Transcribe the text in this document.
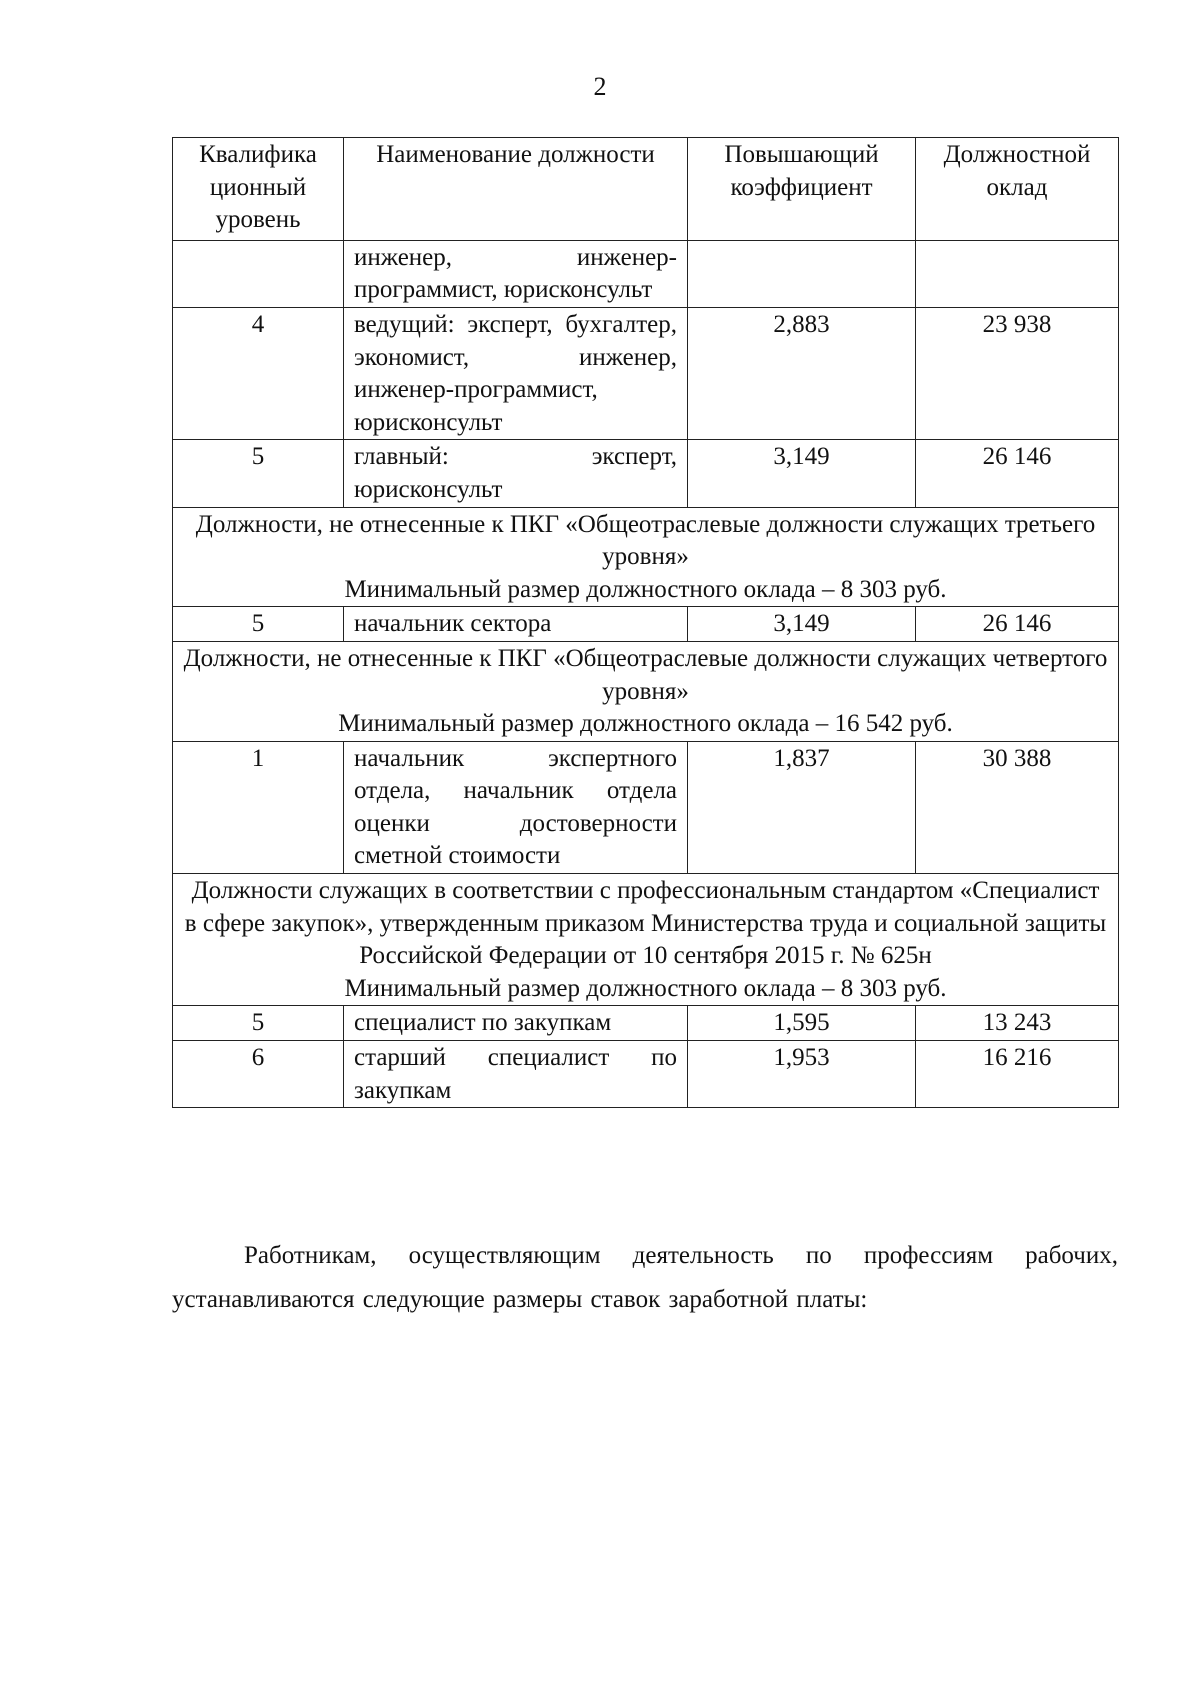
2
Квалифика ционный уровень	Наименование должности	Повышающий коэффициент	Должностной оклад
	инженер, инженер-программист, юрисконсульт		
4	ведущий: эксперт, бухгалтер, экономист, инженер, инженер-программист, юрисконсульт	2,883	23 938
5	главный: эксперт, юрисконсульт	3,149	26 146

Должности, не отнесенные к ПКГ «Общеотраслевые должности служащих третьего уровня»
Минимальный размер должностного оклада – 8 303 руб.			

5	начальник сектора	3,149	26 146

Должности, не отнесенные к ПКГ «Общеотраслевые должности служащих четвертого уровня»
Минимальный размер должностного оклада – 16 542 руб.			

1	начальник экспертного отдела, начальник отдела оценки достоверности сметной стоимости	1,837	30 388

Должности служащих в соответствии с профессиональным стандартом «Специалист в сфере закупок», утвержденным приказом Министерства труда и социальной защиты Российской Федерации от 10 сентября 2015 г. № 625н
Минимальный размер должностного оклада – 8 303 руб.			

5	специалист по закупкам	1,595	13 243
6	старший специалист по закупкам	1,953	16 216
Работникам, осуществляющим деятельность по профессиям рабочих, устанавливаются следующие размеры ставок заработной платы:
